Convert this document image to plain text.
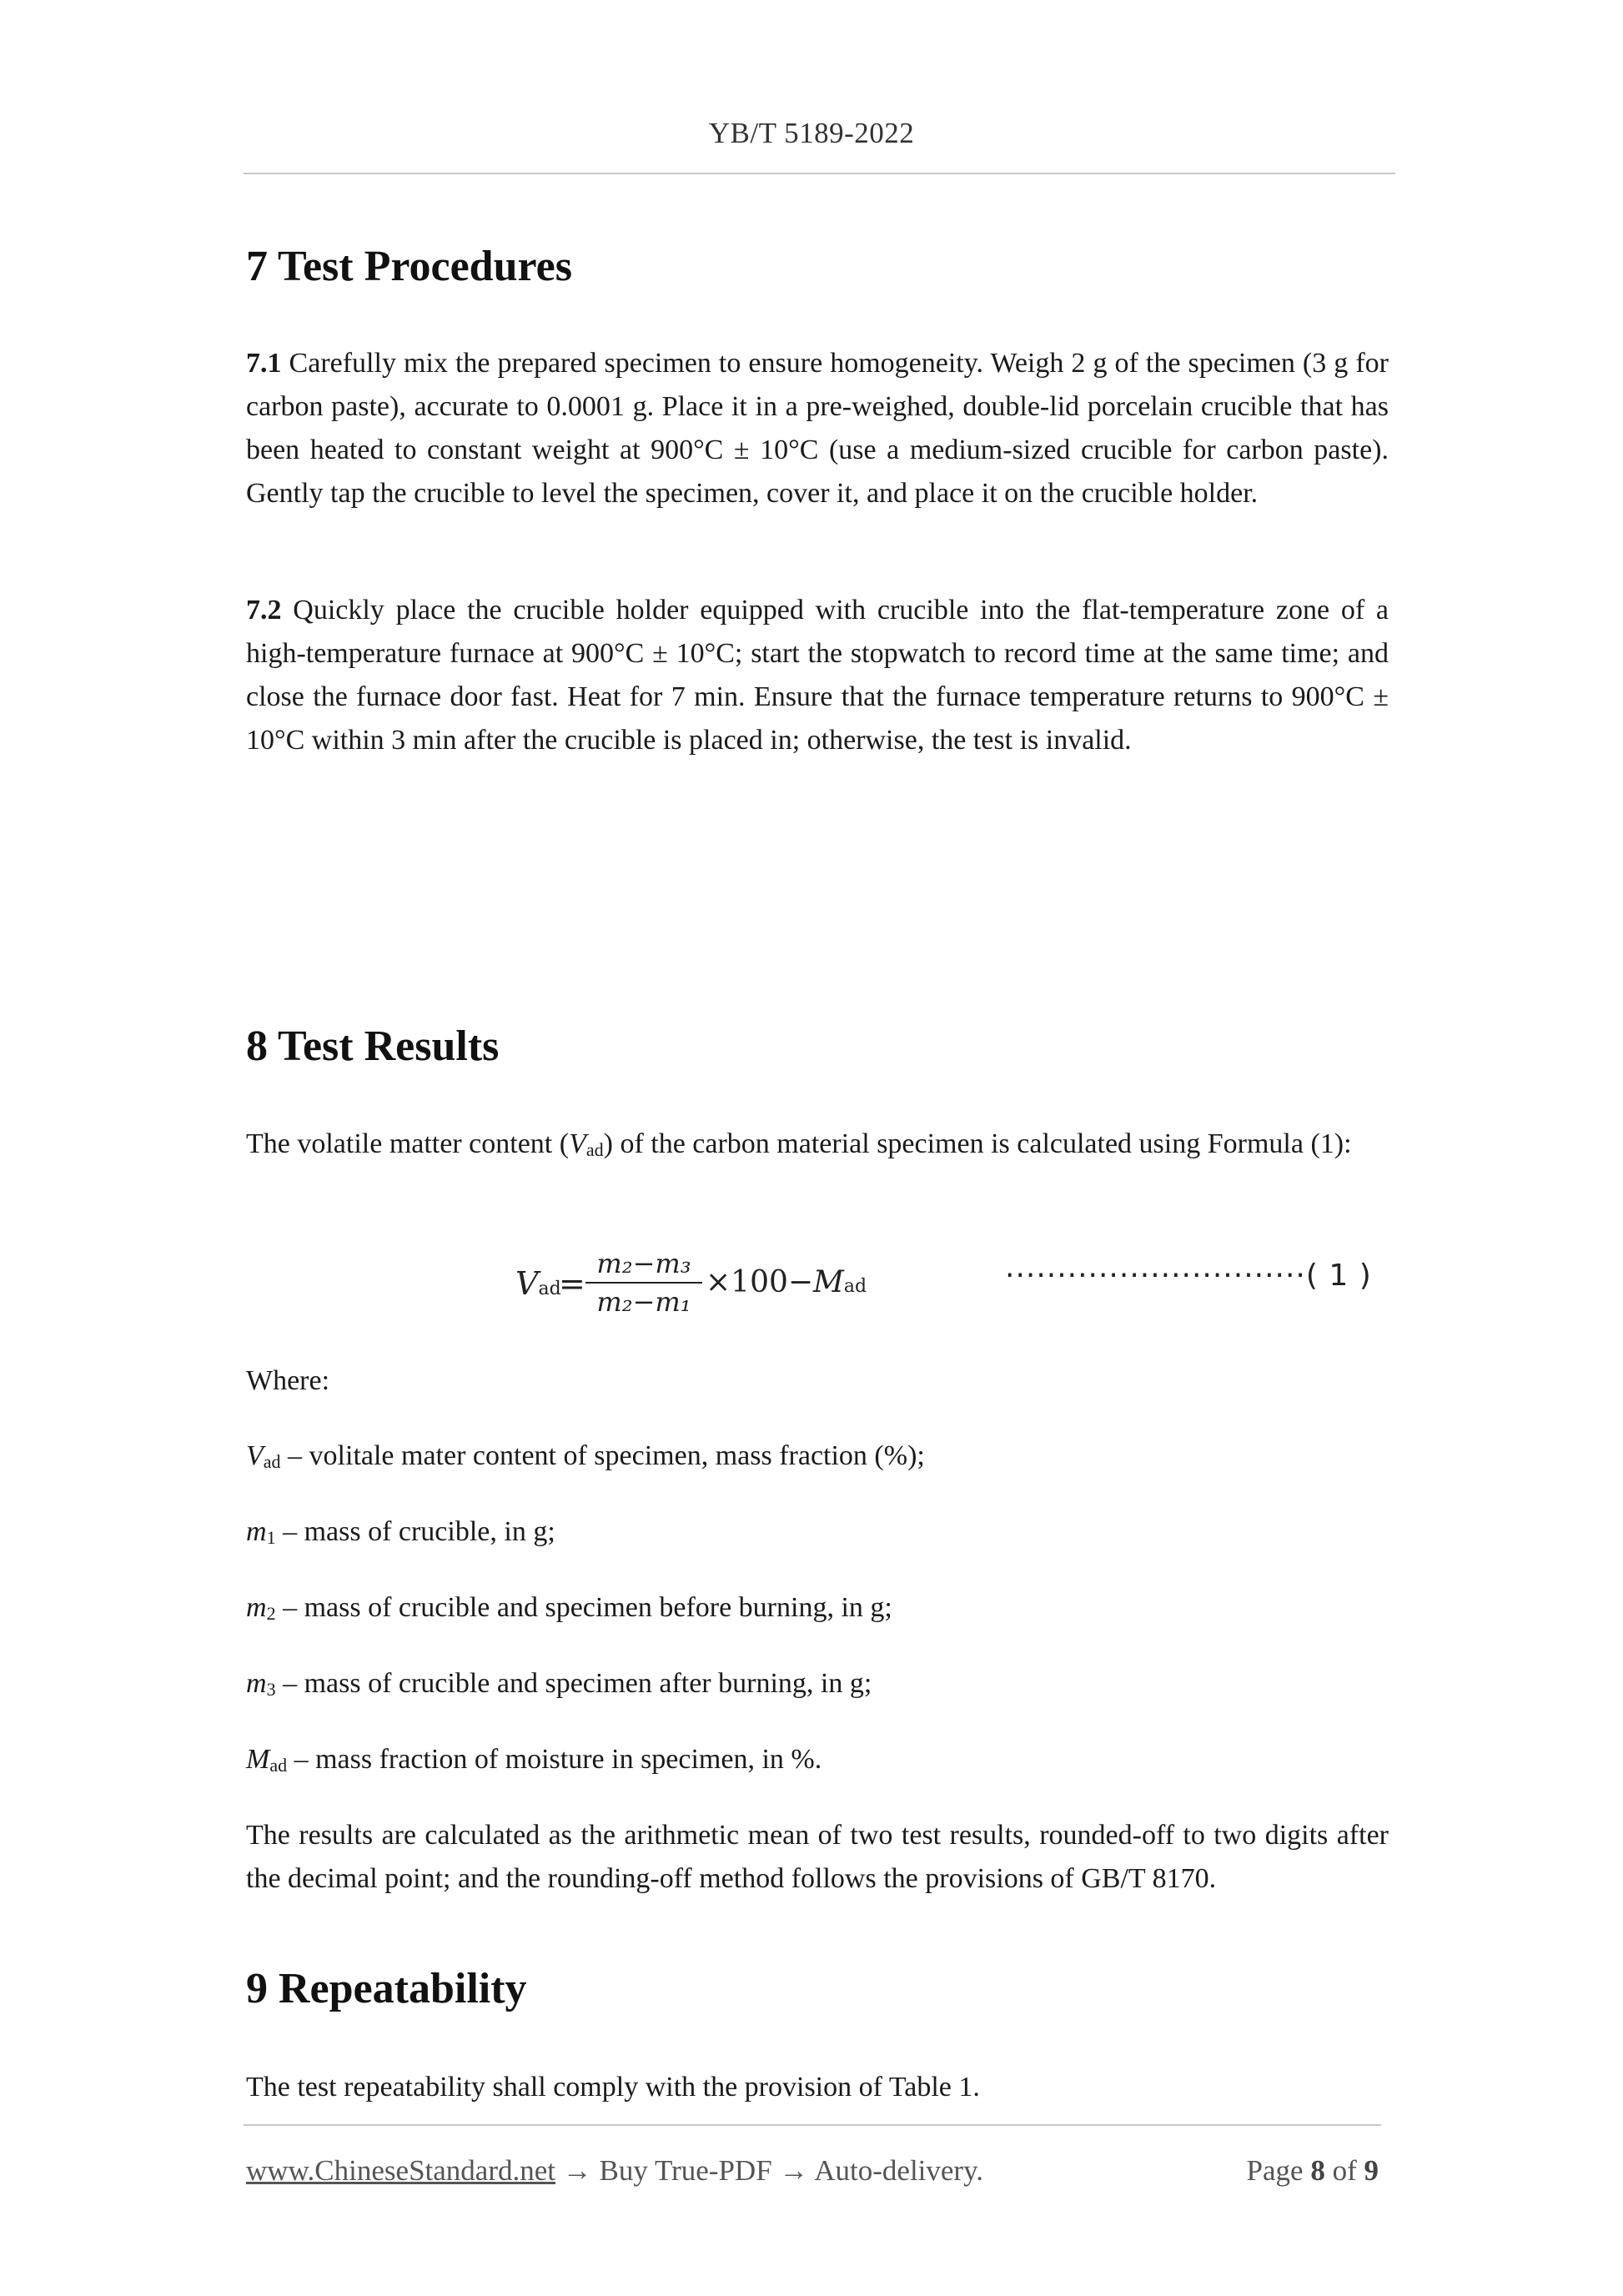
YB/T 5189-2022
7 Test Procedures
7.1 Carefully mix the prepared specimen to ensure homogeneity. Weigh 2 g of the specimen (3 g for carbon paste), accurate to 0.0001 g. Place it in a pre-weighed, double-lid porcelain crucible that has been heated to constant weight at 900°C ± 10°C (use a medium-sized crucible for carbon paste). Gently tap the crucible to level the specimen, cover it, and place it on the crucible holder.
7.2 Quickly place the crucible holder equipped with crucible into the flat-temperature zone of a high-temperature furnace at 900°C ± 10°C; start the stopwatch to record time at the same time; and close the furnace door fast. Heat for 7 min. Ensure that the furnace temperature returns to 900°C ± 10°C within 3 min after the crucible is placed in; otherwise, the test is invalid.
8 Test Results
The volatile matter content (Vad) of the carbon material specimen is calculated using Formula (1):
Vad
=
m₂−m₃
m₂−m₁
×100−Mad	·····························( 1 )
Where:
Vad – volitale mater content of specimen, mass fraction (%);
m1 – mass of crucible, in g;
m2 – mass of crucible and specimen before burning, in g;
m3 – mass of crucible and specimen after burning, in g;
Mad – mass fraction of moisture in specimen, in %.
The results are calculated as the arithmetic mean of two test results, rounded-off to two digits after the decimal point; and the rounding-off method follows the provisions of GB/T 8170.
9 Repeatability
The test repeatability shall comply with the provision of Table 1.
www.ChineseStandard.net → Buy True-PDF → Auto-delivery.	Page 8 of 9
